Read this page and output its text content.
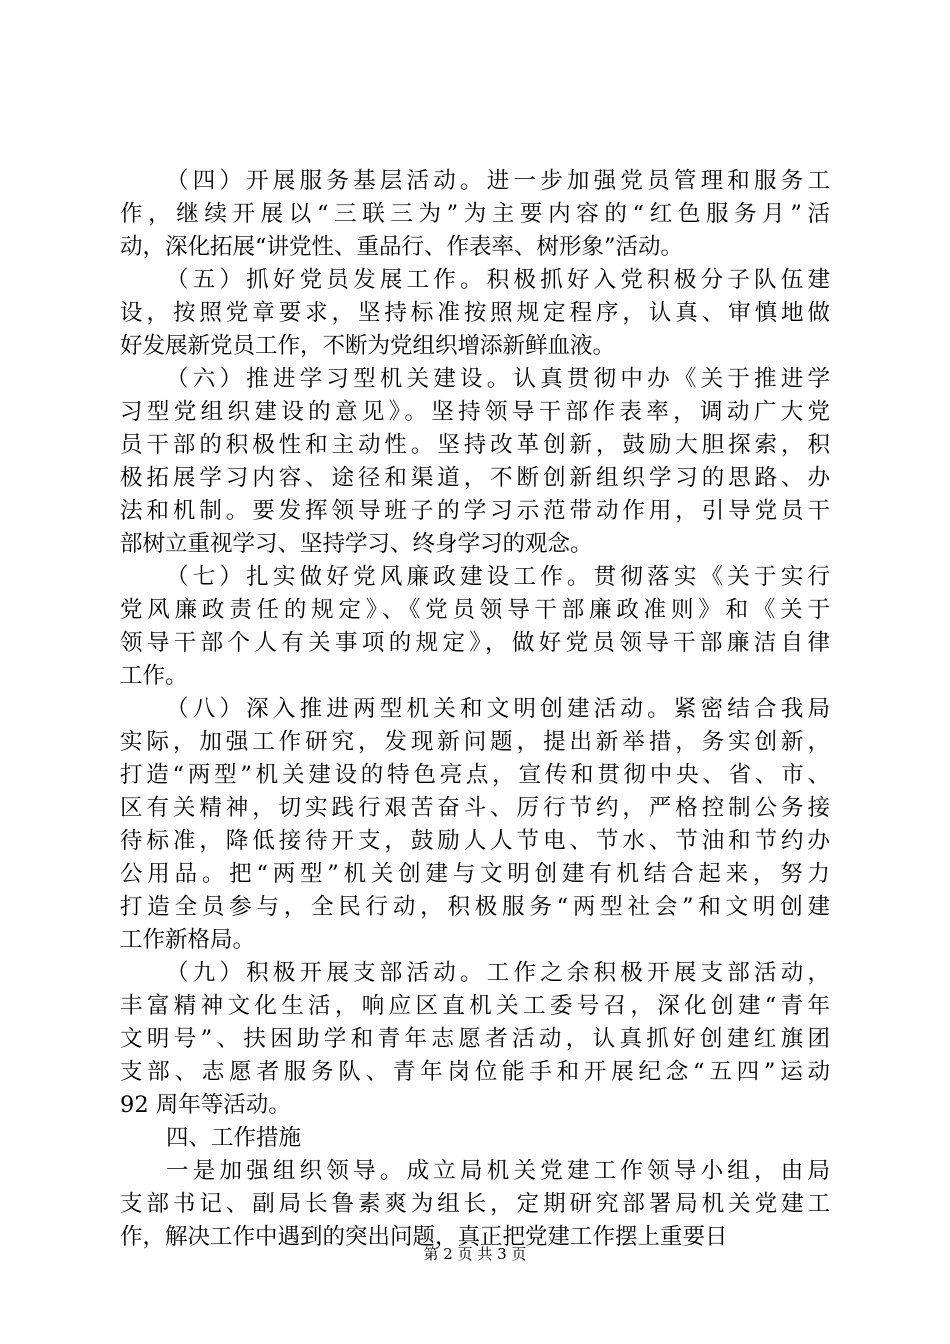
（四）开展服务基层活动。进一步加强党员管理和服务工
作，继续开展以“三联三为”为主要内容的“红色服务月”活
动，深化拓展“讲党性、重品行、作表率、树形象”活动。
（五）抓好党员发展工作。积极抓好入党积极分子队伍建
设，按照党章要求，坚持标准按照规定程序，认真、审慎地做
好发展新党员工作，不断为党组织增添新鲜血液。
（六）推进学习型机关建设。认真贯彻中办《关于推进学
习型党组织建设的意见》。坚持领导干部作表率，调动广大党
员干部的积极性和主动性。坚持改革创新，鼓励大胆探索，积
极拓展学习内容、途径和渠道，不断创新组织学习的思路、办
法和机制。要发挥领导班子的学习示范带动作用，引导党员干
部树立重视学习、坚持学习、终身学习的观念。
（七）扎实做好党风廉政建设工作。贯彻落实《关于实行
党风廉政责任的规定》、《党员领导干部廉政准则》和《关于
领导干部个人有关事项的规定》，做好党员领导干部廉洁自律
工作。
（八）深入推进两型机关和文明创建活动。紧密结合我局
实际，加强工作研究，发现新问题，提出新举措，务实创新，
打造“两型”机关建设的特色亮点，宣传和贯彻中央、省、市、
区有关精神，切实践行艰苦奋斗、厉行节约，严格控制公务接
待标准，降低接待开支，鼓励人人节电、节水、节油和节约办
公用品。把“两型”机关创建与文明创建有机结合起来，努力
打造全员参与，全民行动，积极服务“两型社会”和文明创建
工作新格局。
（九）积极开展支部活动。工作之余积极开展支部活动，
丰富精神文化生活，响应区直机关工委号召，深化创建“青年
文明号”、扶困助学和青年志愿者活动，认真抓好创建红旗团
支部、志愿者服务队、青年岗位能手和开展纪念“五四”运动
92 周年等活动。
四、工作措施
一是加强组织领导。成立局机关党建工作领导小组，由局
支部书记、副局长鲁素爽为组长，定期研究部署局机关党建工
作，解决工作中遇到的突出问题，真正把党建工作摆上重要日
第 2 页 共 3 页
